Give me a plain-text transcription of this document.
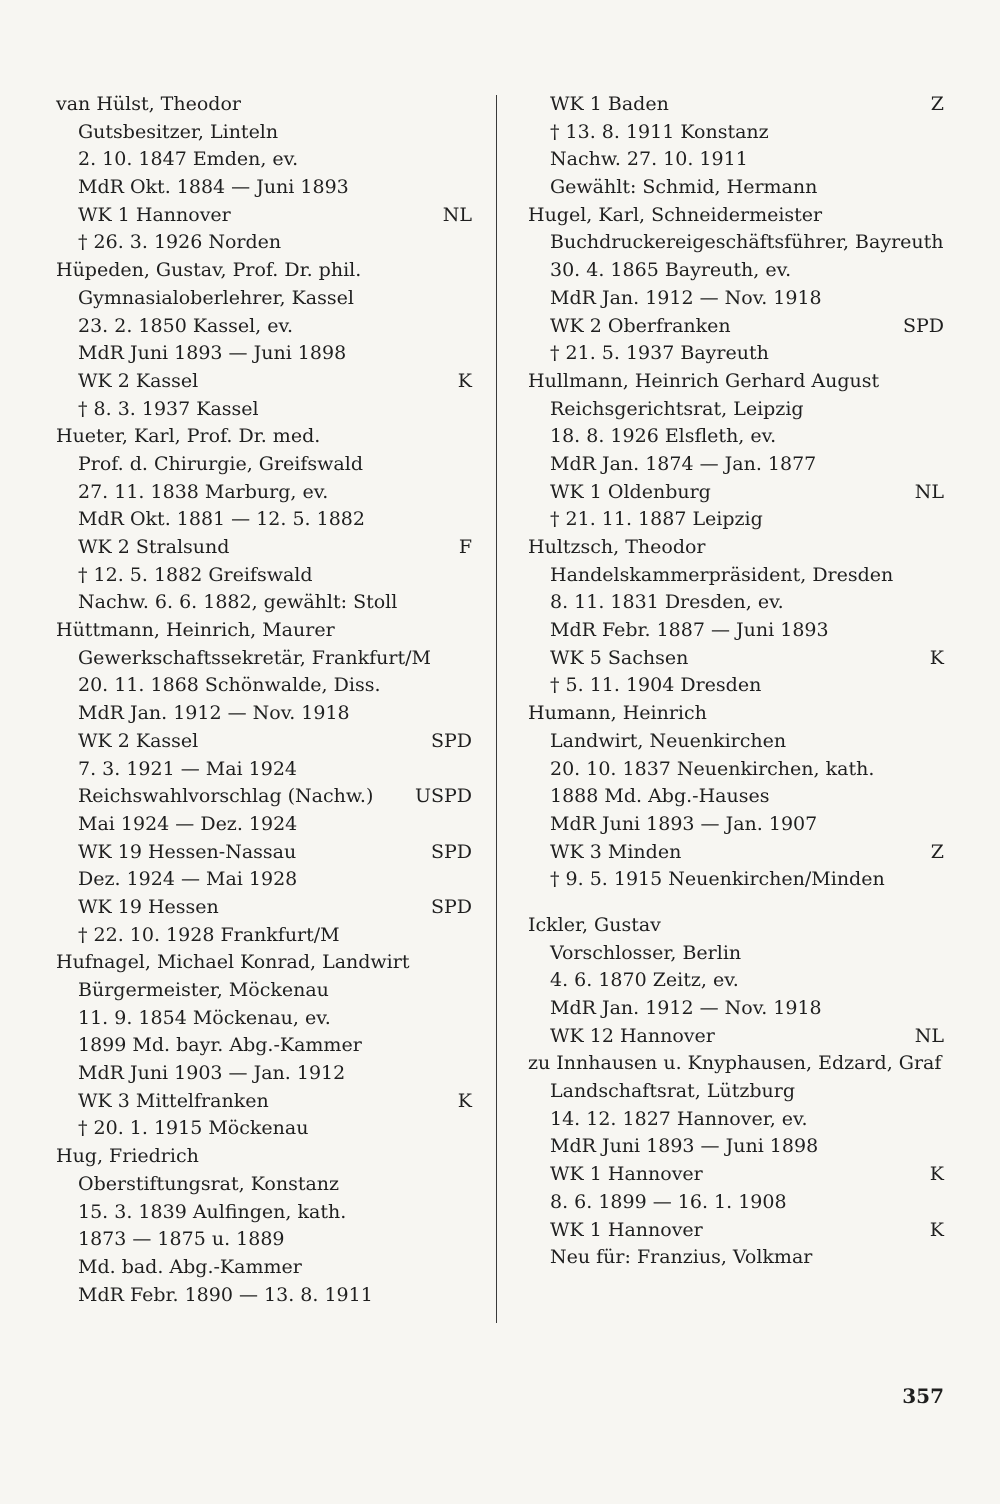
van Hülst, Theodor
Gutsbesitzer, Linteln
2. 10. 1847 Emden, ev.
MdR Okt. 1884 — Juni 1893
WK 1 Hannover	NL
† 26. 3. 1926 Norden
Hüpeden, Gustav, Prof. Dr. phil.
Gymnasialoberlehrer, Kassel
23. 2. 1850 Kassel, ev.
MdR Juni 1893 — Juni 1898
WK 2 Kassel	K
† 8. 3. 1937 Kassel
Hueter, Karl, Prof. Dr. med.
Prof. d. Chirurgie, Greifswald
27. 11. 1838 Marburg, ev.
MdR Okt. 1881 — 12. 5. 1882
WK 2 Stralsund	F
† 12. 5. 1882 Greifswald
Nachw. 6. 6. 1882, gewählt: Stoll
Hüttmann, Heinrich, Maurer
Gewerkschaftssekretär, Frankfurt/M
20. 11. 1868 Schönwalde, Diss.
MdR Jan. 1912 — Nov. 1918
WK 2 Kassel	SPD
7. 3. 1921 — Mai 1924
Reichswahlvorschlag (Nachw.) USPD
Mai 1924 — Dez. 1924
WK 19 Hessen-Nassau	SPD
Dez. 1924 — Mai 1928
WK 19 Hessen	SPD
† 22. 10. 1928 Frankfurt/M
Hufnagel, Michael Konrad, Landwirt
Bürgermeister, Möckenau
11. 9. 1854 Möckenau, ev.
1899 Md. bayr. Abg.-Kammer
MdR Juni 1903 — Jan. 1912
WK 3 Mittelfranken	K
† 20. 1. 1915 Möckenau
Hug, Friedrich
Oberstiftungsrat, Konstanz
15. 3. 1839 Aulfingen, kath.
1873 — 1875 u. 1889
Md. bad. Abg.-Kammer
MdR Febr. 1890 — 13. 8. 1911
WK 1 Baden	Z
† 13. 8. 1911 Konstanz
Nachw. 27. 10. 1911
Gewählt: Schmid, Hermann
Hugel, Karl, Schneidermeister
Buchdruckereigeschäftsführer, Bayreuth
30. 4. 1865 Bayreuth, ev.
MdR Jan. 1912 — Nov. 1918
WK 2 Oberfranken	SPD
† 21. 5. 1937 Bayreuth
Hullmann, Heinrich Gerhard August
Reichsgerichtsrat, Leipzig
18. 8. 1926 Elsfleth, ev.
MdR Jan. 1874 — Jan. 1877
WK 1 Oldenburg	NL
† 21. 11. 1887 Leipzig
Hultzsch, Theodor
Handelskammerpräsident, Dresden
8. 11. 1831 Dresden, ev.
MdR Febr. 1887 — Juni 1893
WK 5 Sachsen	K
† 5. 11. 1904 Dresden
Humann, Heinrich
Landwirt, Neuenkirchen
20. 10. 1837 Neuenkirchen, kath.
1888 Md. Abg.-Hauses
MdR Juni 1893 — Jan. 1907
WK 3 Minden	Z
† 9. 5. 1915 Neuenkirchen/Minden
Ickler, Gustav
Vorschlosser, Berlin
4. 6. 1870 Zeitz, ev.
MdR Jan. 1912 — Nov. 1918
WK 12 Hannover	NL
zu Innhausen u. Knyphausen, Edzard, Graf
Landschaftsrat, Lützburg
14. 12. 1827 Hannover, ev.
MdR Juni 1893 — Juni 1898
WK 1 Hannover	K
8. 6. 1899 — 16. 1. 1908
WK 1 Hannover	K
Neu für: Franzius, Volkmar
357
